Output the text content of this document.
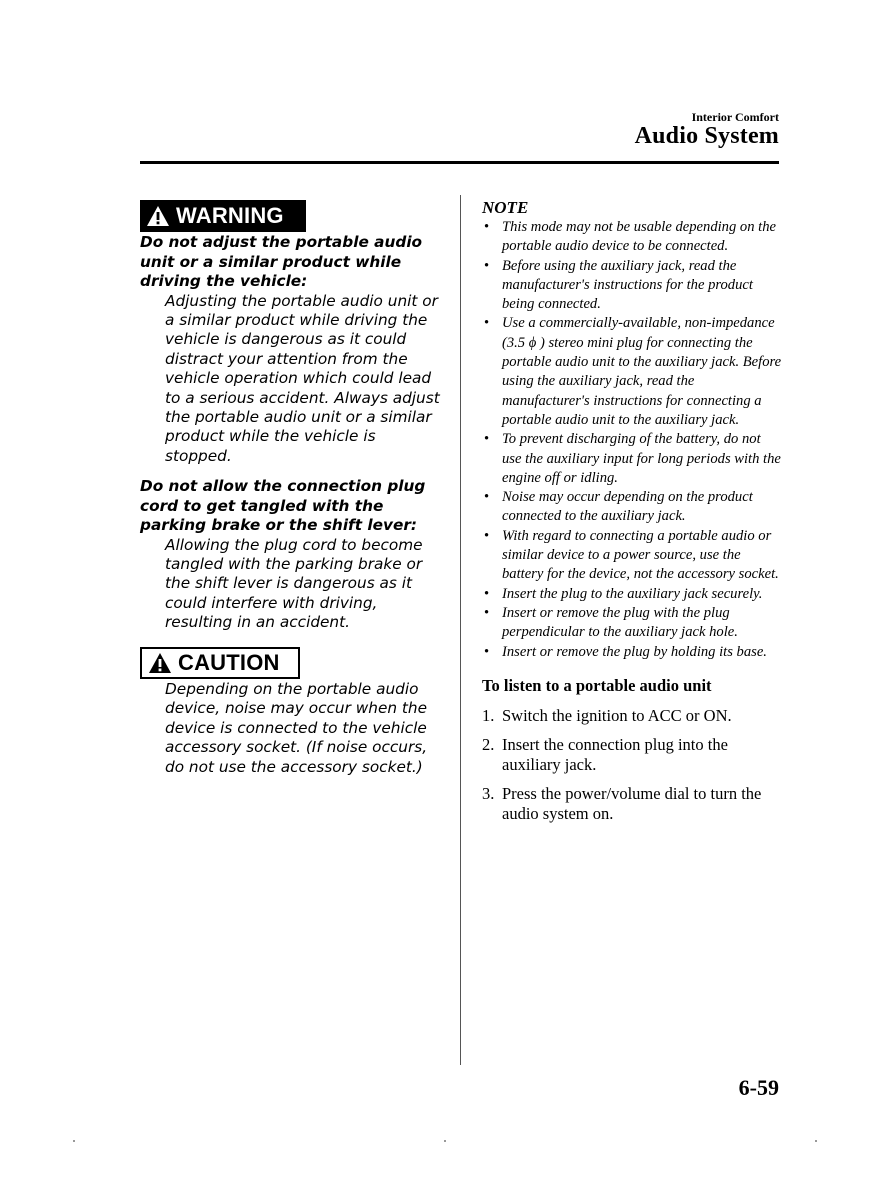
Interior Comfort
Audio System
WARNING

Do not adjust the portable audio unit or a similar product while driving the vehicle:

Adjusting the portable audio unit or a similar product while driving the vehicle is dangerous as it could distract your attention from the vehicle operation which could lead to a serious accident. Always adjust the portable audio unit or a similar product while the vehicle is stopped.

Do not allow the connection plug cord to get tangled with the parking brake or the shift lever:

Allowing the plug cord to become tangled with the parking brake or the shift lever is dangerous as it could interfere with driving, resulting in an accident.

CAUTION

Depending on the portable audio device, noise may occur when the device is connected to the vehicle accessory socket. (If noise occurs, do not use the accessory socket.)

NOTE
• This mode may not be usable depending on the portable audio device to be connected.
• Before using the auxiliary jack, read the manufacturer's instructions for the product being connected.
• Use a commercially-available, non-impedance (3.5 ϕ ) stereo mini plug for connecting the portable audio unit to the auxiliary jack. Before using the auxiliary jack, read the manufacturer's instructions for connecting a portable audio unit to the auxiliary jack.
• To prevent discharging of the battery, do not use the auxiliary input for long periods with the engine off or idling.
• Noise may occur depending on the product connected to the auxiliary jack.
• With regard to connecting a portable audio or similar device to a power source, use the battery for the device, not the accessory socket.
• Insert the plug to the auxiliary jack securely.
• Insert or remove the plug with the plug perpendicular to the auxiliary jack hole.
• Insert or remove the plug by holding its base.
To listen to a portable audio unit
1. Switch the ignition to ACC or ON.
2. Insert the connection plug into the auxiliary jack.
3. Press the power/volume dial to turn the audio system on.
6-59
